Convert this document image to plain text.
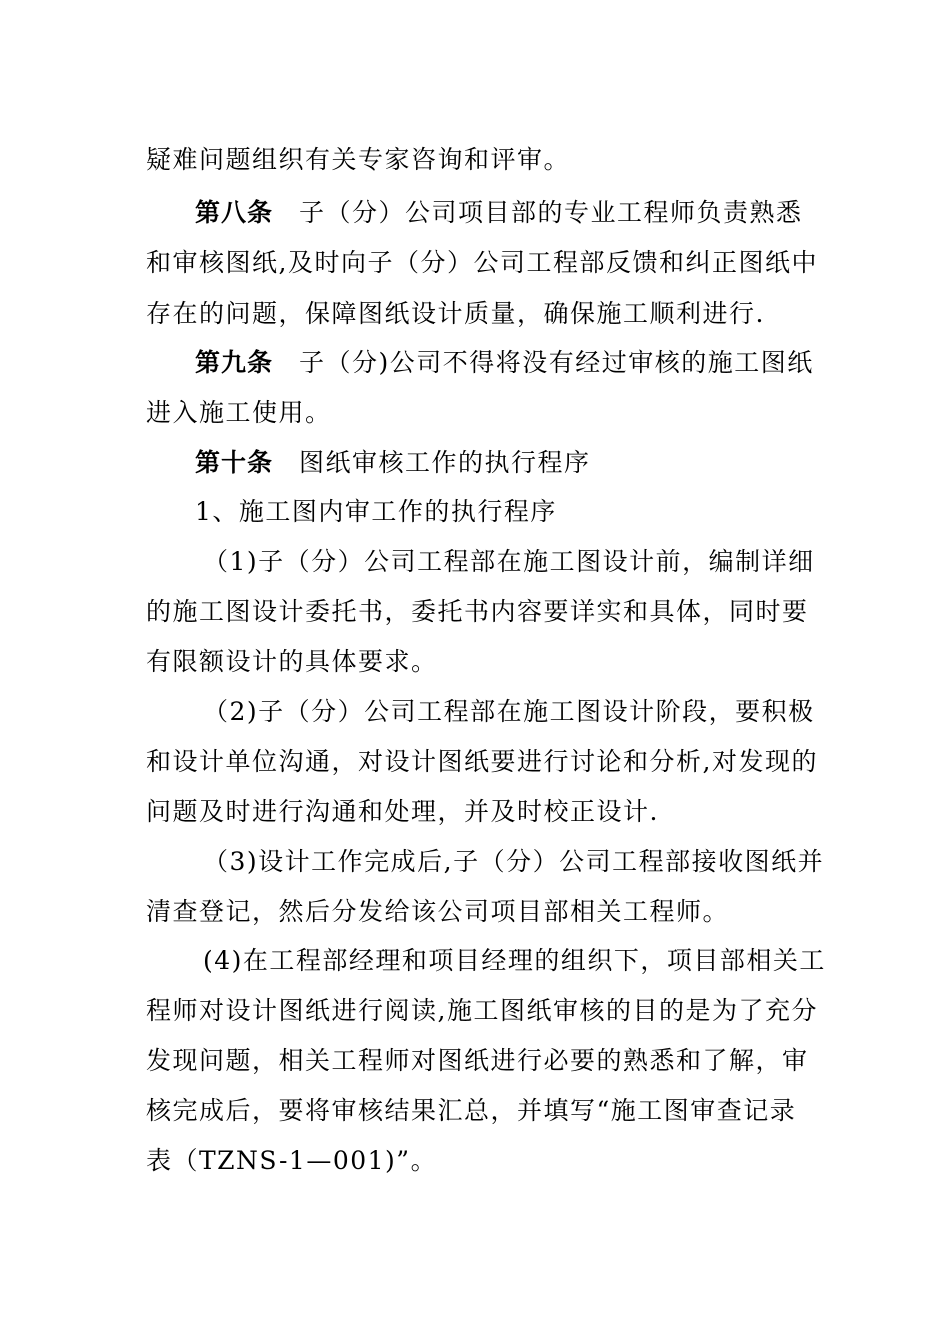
疑难问题组织有关专家咨询和评审。
第八条 子（分）公司项目部的专业工程师负责熟悉
和审核图纸,及时向子（分）公司工程部反馈和纠正图纸中
存在的问题，保障图纸设计质量，确保施工顺利进行.
第九条 子（分)公司不得将没有经过审核的施工图纸
进入施工使用。
第十条 图纸审核工作的执行程序
1、施工图内审工作的执行程序
（1)子（分）公司工程部在施工图设计前，编制详细
的施工图设计委托书，委托书内容要详实和具体，同时要
有限额设计的具体要求。
（2)子（分）公司工程部在施工图设计阶段，要积极
和设计单位沟通，对设计图纸要进行讨论和分析,对发现的
问题及时进行沟通和处理，并及时校正设计.
（3)设计工作完成后,子（分）公司工程部接收图纸并
清查登记，然后分发给该公司项目部相关工程师。
(4)在工程部经理和项目经理的组织下，项目部相关工
程师对设计图纸进行阅读,施工图纸审核的目的是为了充分
发现问题，相关工程师对图纸进行必要的熟悉和了解，审
核完成后，要将审核结果汇总，并填写“施工图审查记录
表（TZNS-1—001)”。
